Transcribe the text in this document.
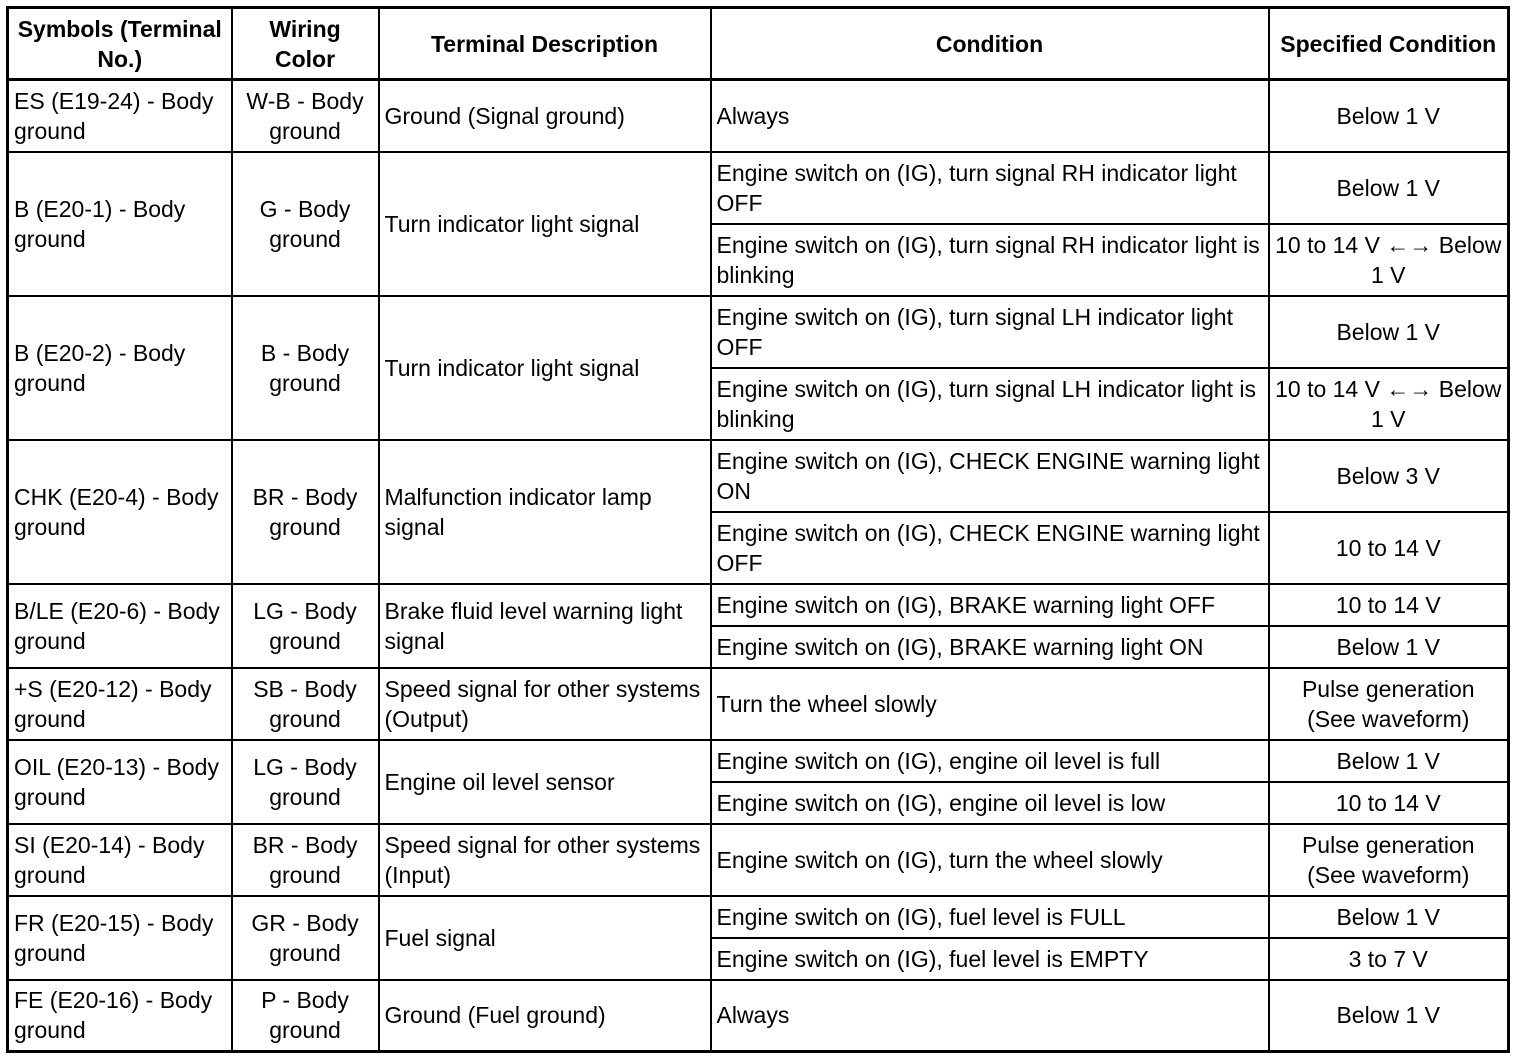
Symbols (Terminal No.)	Wiring Color	Terminal Description	Condition	Specified Condition
ES (E19-24) - Body ground	W-B - Body ground	Ground (Signal ground)	Always	Below 1 V
B (E20-1) - Body ground	G - Body ground	Turn indicator light signal	Engine switch on (IG), turn signal RH indicator light OFF	Below 1 V
			Engine switch on (IG), turn signal RH indicator light is blinking	10 to 14 V ←→ Below 1 V
B (E20-2) - Body ground	B - Body ground	Turn indicator light signal	Engine switch on (IG), turn signal LH indicator light OFF	Below 1 V
			Engine switch on (IG), turn signal LH indicator light is blinking	10 to 14 V ←→ Below 1 V
CHK (E20-4) - Body ground	BR - Body ground	Malfunction indicator lamp signal	Engine switch on (IG), CHECK ENGINE warning light ON	Below 3 V
			Engine switch on (IG), CHECK ENGINE warning light OFF	10 to 14 V
B/LE (E20-6) - Body ground	LG - Body ground	Brake fluid level warning light signal	Engine switch on (IG), BRAKE warning light OFF	10 to 14 V
			Engine switch on (IG), BRAKE warning light ON	Below 1 V
+S (E20-12) - Body ground	SB - Body ground	Speed signal for other systems (Output)	Turn the wheel slowly	Pulse generation (See waveform)
OIL (E20-13) - Body ground	LG - Body ground	Engine oil level sensor	Engine switch on (IG), engine oil level is full	Below 1 V
			Engine switch on (IG), engine oil level is low	10 to 14 V
SI (E20-14) - Body ground	BR - Body ground	Speed signal for other systems (Input)	Engine switch on (IG), turn the wheel slowly	Pulse generation (See waveform)
FR (E20-15) - Body ground	GR - Body ground	Fuel signal	Engine switch on (IG), fuel level is FULL	Below 1 V
			Engine switch on (IG), fuel level is EMPTY	3 to 7 V
FE (E20-16) - Body ground	P - Body ground	Ground (Fuel ground)	Always	Below 1 V
